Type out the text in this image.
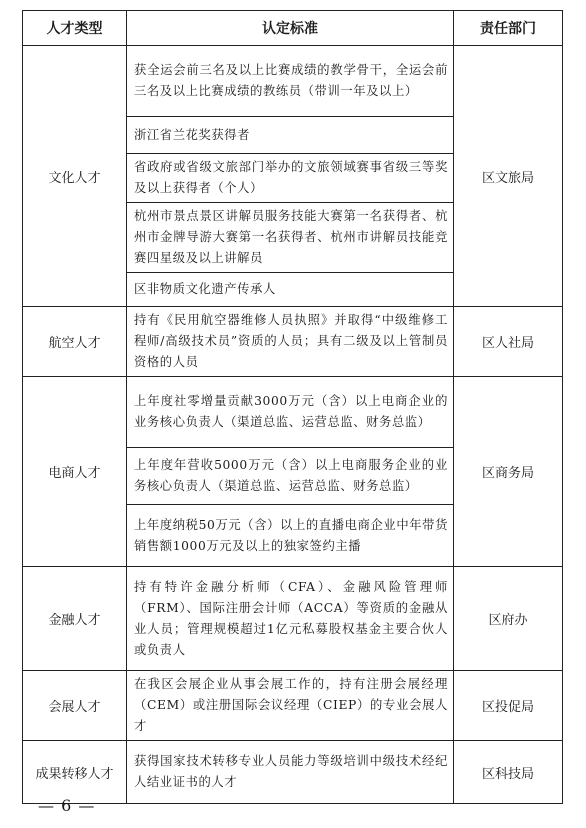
人才类型	认定标准	责任部门
文化人才	获全运会前三名及以上比赛成绩的教学骨干，全运会前三名及以上比赛成绩的教练员（带训一年及以上）	区文旅局
	浙江省兰花奖获得者	
	省政府或省级文旅部门举办的文旅领域赛事省级三等奖及以上获得者（个人）	
	杭州市景点景区讲解员服务技能大赛第一名获得者、杭州市金牌导游大赛第一名获得者、杭州市讲解员技能竞赛四星级及以上讲解员	
	区非物质文化遗产传承人	
航空人才	持有《民用航空器维修人员执照》并取得“中级维修工程师/高级技术员”资质的人员；具有二级及以上管制员资格的人员	区人社局
电商人才	上年度社零增量贡献3000万元（含）以上电商企业的业务核心负责人（渠道总监、运营总监、财务总监）	区商务局
	上年度年营收5000万元（含）以上电商服务企业的业务核心负责人（渠道总监、运营总监、财务总监）	
	上年度纳税50万元（含）以上的直播电商企业中年带货销售额1000万元及以上的独家签约主播	
金融人才	持有特许金融分析师（CFA）、金融风险管理师（FRM）、国际注册会计师（ACCA）等资质的金融从业人员；管理规模超过1亿元私募股权基金主要合伙人或负责人	区府办
会展人才	在我区会展企业从事会展工作的，持有注册会展经理（CEM）或注册国际会议经理（CIEP）的专业会展人才	区投促局
成果转移人才	获得国家技术转移专业人员能力等级培训中级技术经纪人结业证书的人才	区科技局
— 6 —
